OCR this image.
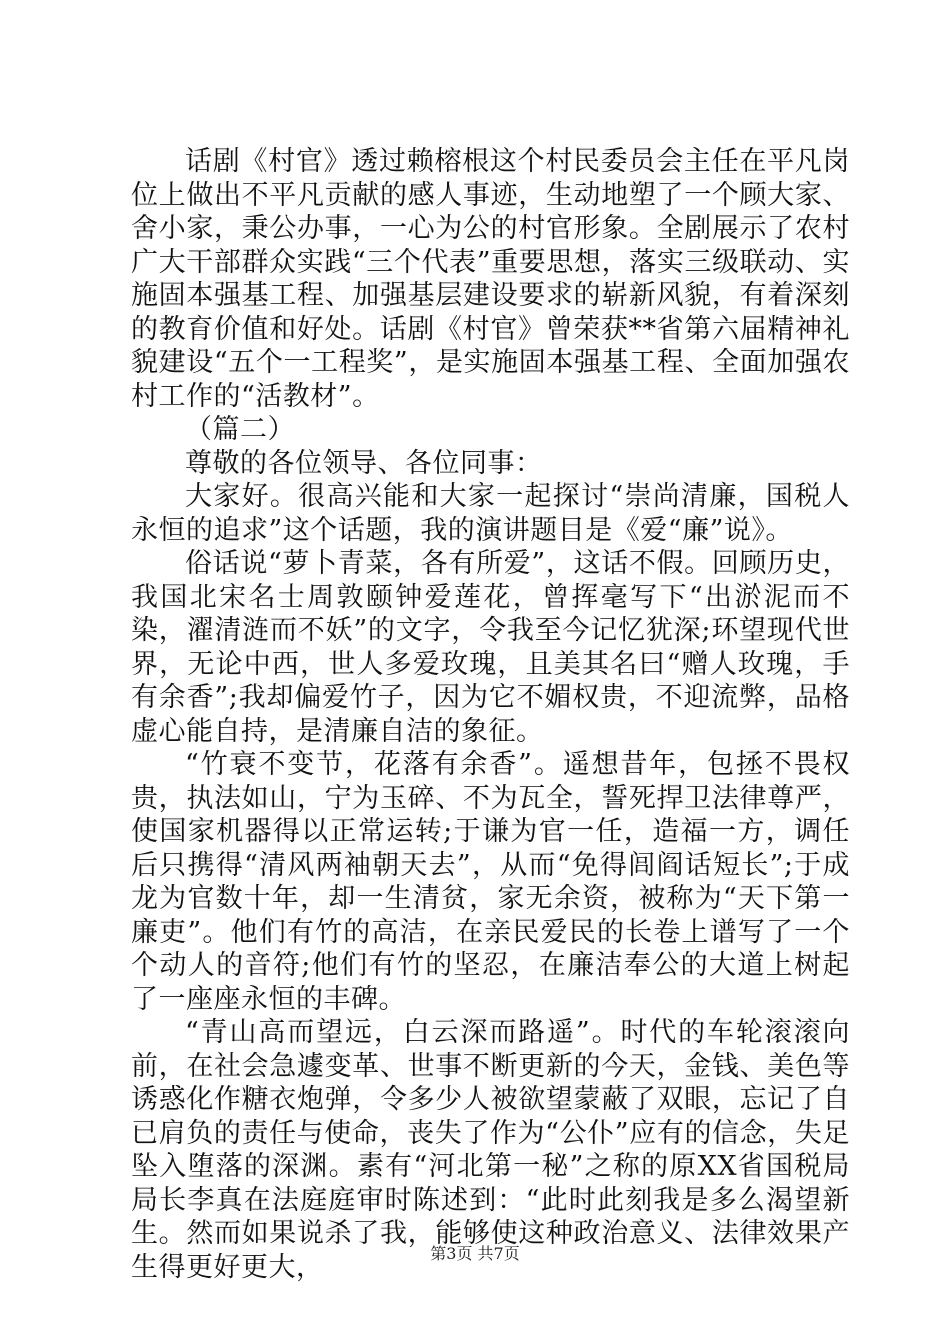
话剧《村官》透过赖榕根这个村民委员会主任在平凡岗位上做出不平凡贡献的感人事迹，生动地塑了一个顾大家、舍小家，秉公办事，一心为公的村官形象。全剧展示了农村广大干部群众实践“三个代表”重要思想，落实三级联动、实施固本强基工程、加强基层建设要求的崭新风貌，有着深刻的教育价值和好处。话剧《村官》曾荣获**省第六届精神礼貌建设“五个一工程奖”，是实施固本强基工程、全面加强农村工作的“活教材”。

（篇二）

尊敬的各位领导、各位同事：

大家好。很高兴能和大家一起探讨“崇尚清廉，国税人永恒的追求”这个话题，我的演讲题目是《爱“廉”说》。

俗话说“萝卜青菜，各有所爱”，这话不假。回顾历史，我国北宋名士周敦颐钟爱莲花，曾挥毫写下“出淤泥而不染，濯清涟而不妖”的文字，令我至今记忆犹深;环望现代世界，无论中西，世人多爱玫瑰，且美其名曰“赠人玫瑰，手有余香”;我却偏爱竹子，因为它不媚权贵，不迎流弊，品格虚心能自持，是清廉自洁的象征。

“竹衰不变节，花落有余香”。遥想昔年，包拯不畏权贵，执法如山，宁为玉碎、不为瓦全，誓死捍卫法律尊严，使国家机器得以正常运转;于谦为官一任，造福一方，调任后只携得“清风两袖朝天去”，从而“免得闾阎话短长”;于成龙为官数十年，却一生清贫，家无余资，被称为“天下第一廉吏”。他们有竹的高洁，在亲民爱民的长卷上谱写了一个个动人的音符;他们有竹的坚忍，在廉洁奉公的大道上树起了一座座永恒的丰碑。

“青山高而望远，白云深而路遥”。时代的车轮滚滚向前，在社会急遽变革、世事不断更新的今天，金钱、美色等诱惑化作糖衣炮弹，令多少人被欲望蒙蔽了双眼，忘记了自已肩负的责任与使命，丧失了作为“公仆”应有的信念，失足坠入堕落的深渊。素有“河北第一秘”之称的原XX省国税局局长李真在法庭庭审时陈述到：“此时此刻我是多么渴望新生。然而如果说杀了我，能够使这种政治意义、法律效果产生得更好更大，	第3页 共7页
